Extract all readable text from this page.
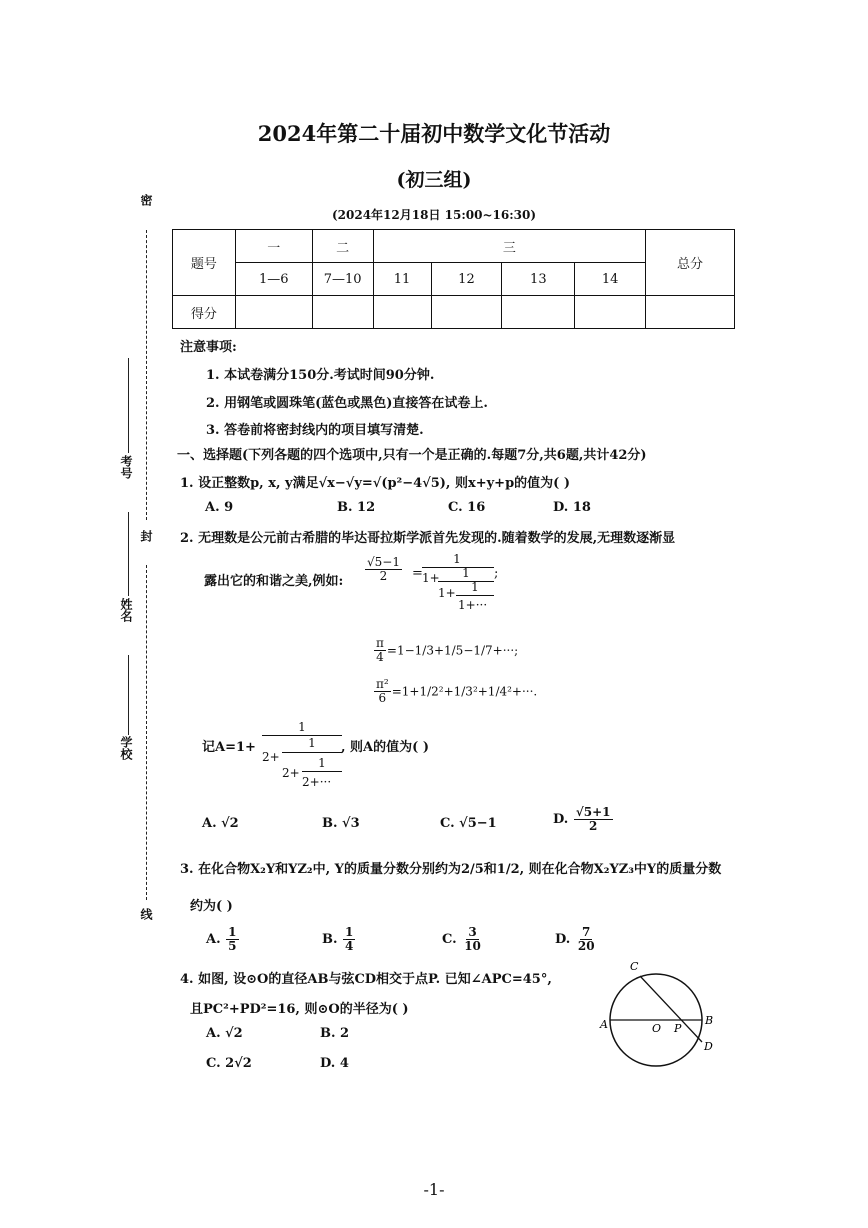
2024年第二十届初中数学文化节活动
(初三组)
(2024年12月18日 15:00~16:30)
题号	一	二	三				总分
	1—6	7—10	11	12	13	14	
得分							
密
封
线
考号
姓名
学校
注意事项:
1. 本试卷满分150分.考试时间90分钟.
2. 用钢笔或圆珠笔(蓝色或黑色)直接答在试卷上.
3. 答卷前将密封线内的项目填写清楚.
一、选择题(下列各题的四个选项中,只有一个是正确的.每题7分,共6题,共计42分)
1. 设正整数p, x, y满足√x−√y=√(p²−4√5), 则x+y+p的值为( )
A. 9	B. 12	C. 16	D. 18
2. 无理数是公元前古希腊的毕达哥拉斯学派首先发现的.随着数学的发展,无理数逐渐显
露出它的和谐之美,例如: $\frac{√5-1}{2}$ =
1
1+	1
1+	1
1+···
;
$\frac{\pi}{4} =1-1/3+1/5-1/7+\cdot\cdot\cdot$;
$\frac{\text{π²}}{6} =1+1/2^2+1/3^2+1/4^2+\cdot\cdot\cdot$.
记A=1+
1
2+
1
2+
1
2+···
, 则A的值为( )
A. √2	B. √3	C. √5−1	D. $\frac{√5+1}{2}$
3. 在化合物X₂Y和YZ₂中, Y的质量分数分别约为2/5和1/2, 则在化合物X₂YZ₃中Y的质量分数
约为( )
A. $\frac{1}{5}$	B. $\frac{1}{4}$	C. $\frac{3}{10}$	D. $\frac{7}{20}$
4. 如图, 设⊙O的直径AB与弦CD相交于点P. 已知∠APC=45°,
且PC²+PD²=16, 则⊙O的半径为( )
A. √2	B. 2
C. 2√2	D. 4
C
A	O P
B
D
-1-
